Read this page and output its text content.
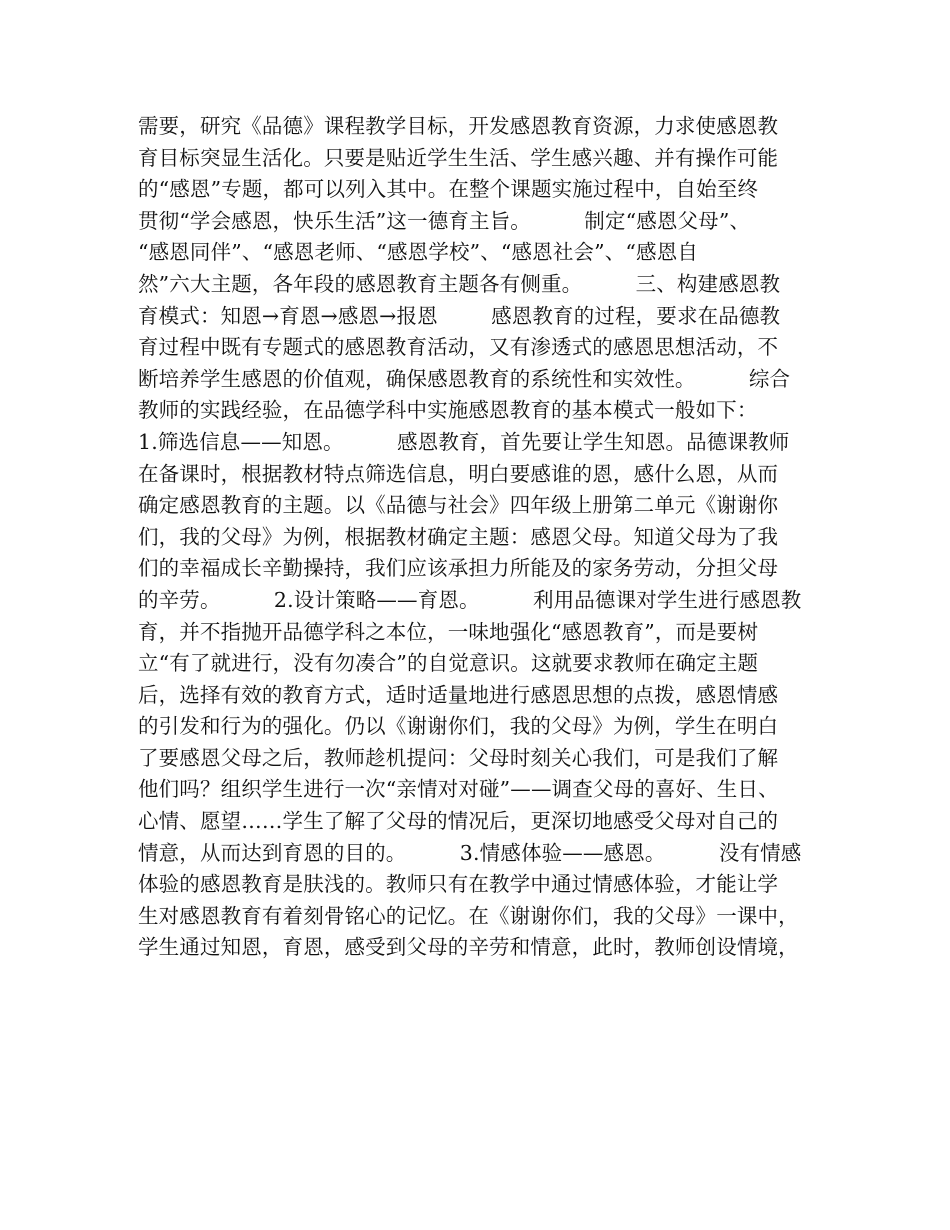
需要，研究《品德》课程教学目标，开发感恩教育资源，力求使感恩教
育目标突显生活化。只要是贴近学生生活、学生感兴趣、并有操作可能
的“感恩”专题，都可以列入其中。在整个课题实施过程中，自始至终
贯彻“学会感恩，快乐生活”这一德育主旨。        制定“感恩父母”、
“感恩同伴”、“感恩老师、“感恩学校”、“感恩社会”、“感恩自
然”六大主题，各年段的感恩教育主题各有侧重。        三、构建感恩教
育模式：知恩→育恩→感恩→报恩        感恩教育的过程，要求在品德教
育过程中既有专题式的感恩教育活动，又有渗透式的感恩思想活动，不
断培养学生感恩的价值观，确保感恩教育的系统性和实效性。        综合
教师的实践经验，在品德学科中实施感恩教育的基本模式一般如下：
1.筛选信息——知恩。        感恩教育，首先要让学生知恩。品德课教师
在备课时，根据教材特点筛选信息，明白要感谁的恩，感什么恩，从而
确定感恩教育的主题。以《品德与社会》四年级上册第二单元《谢谢你
们，我的父母》为例，根据教材确定主题：感恩父母。知道父母为了我
们的幸福成长辛勤操持，我们应该承担力所能及的家务劳动，分担父母
的辛劳。        2.设计策略——育恩。        利用品德课对学生进行感恩教
育，并不指抛开品德学科之本位，一味地强化“感恩教育”，而是要树
立“有了就进行，没有勿凑合”的自觉意识。这就要求教师在确定主题
后，选择有效的教育方式，适时适量地进行感恩思想的点拨，感恩情感
的引发和行为的强化。仍以《谢谢你们，我的父母》为例，学生在明白
了要感恩父母之后，教师趁机提问：父母时刻关心我们，可是我们了解
他们吗？组织学生进行一次“亲情对对碰”——调查父母的喜好、生日、
心情、愿望……学生了解了父母的情况后，更深切地感受父母对自己的
情意，从而达到育恩的目的。        3.情感体验——感恩。        没有情感
体验的感恩教育是肤浅的。教师只有在教学中通过情感体验，才能让学
生对感恩教育有着刻骨铭心的记忆。在《谢谢你们，我的父母》一课中，
学生通过知恩，育恩，感受到父母的辛劳和情意，此时，教师创设情境，
